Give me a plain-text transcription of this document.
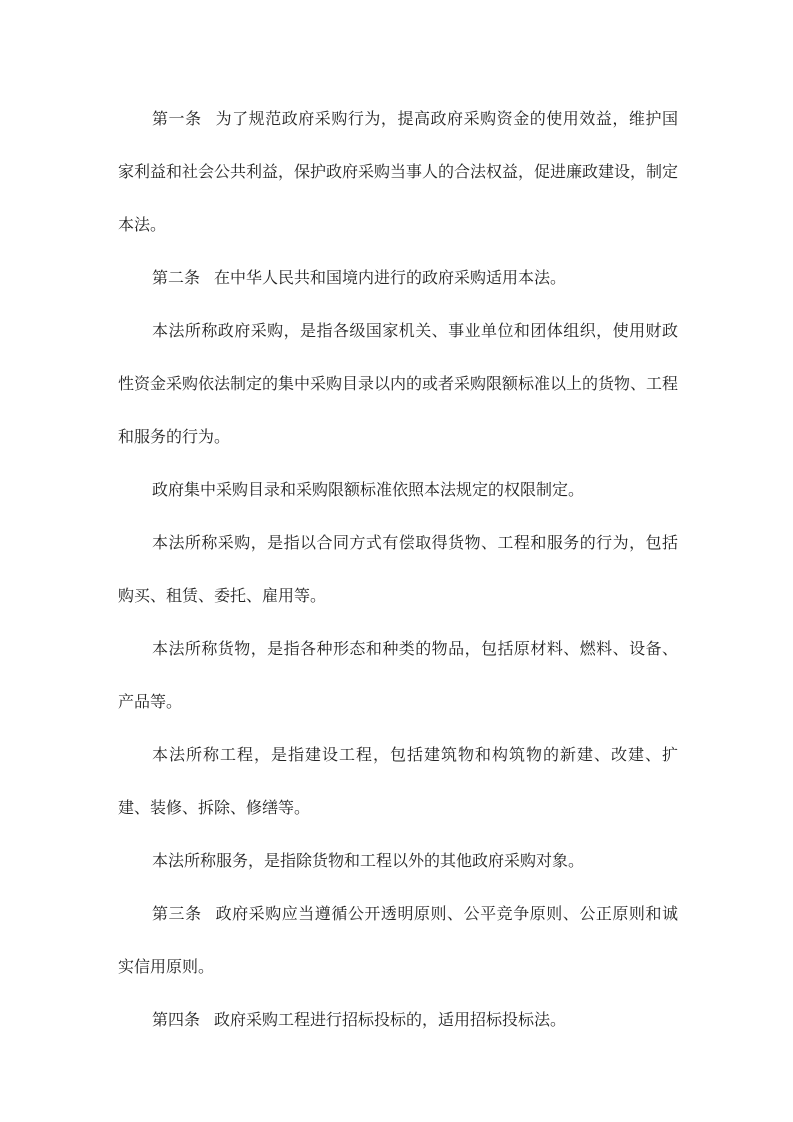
第一条 为了规范政府采购行为，提高政府采购资金的使用效益，维护国家利益和社会公共利益，保护政府采购当事人的合法权益，促进廉政建设，制定本法。

第二条 在中华人民共和国境内进行的政府采购适用本法。

本法所称政府采购，是指各级国家机关、事业单位和团体组织，使用财政性资金采购依法制定的集中采购目录以内的或者采购限额标准以上的货物、工程和服务的行为。

政府集中采购目录和采购限额标准依照本法规定的权限制定。

本法所称采购，是指以合同方式有偿取得货物、工程和服务的行为，包括购买、租赁、委托、雇用等。

本法所称货物，是指各种形态和种类的物品，包括原材料、燃料、设备、产品等。

本法所称工程，是指建设工程，包括建筑物和构筑物的新建、改建、扩建、装修、拆除、修缮等。

本法所称服务，是指除货物和工程以外的其他政府采购对象。

第三条 政府采购应当遵循公开透明原则、公平竞争原则、公正原则和诚实信用原则。

第四条 政府采购工程进行招标投标的，适用招标投标法。
